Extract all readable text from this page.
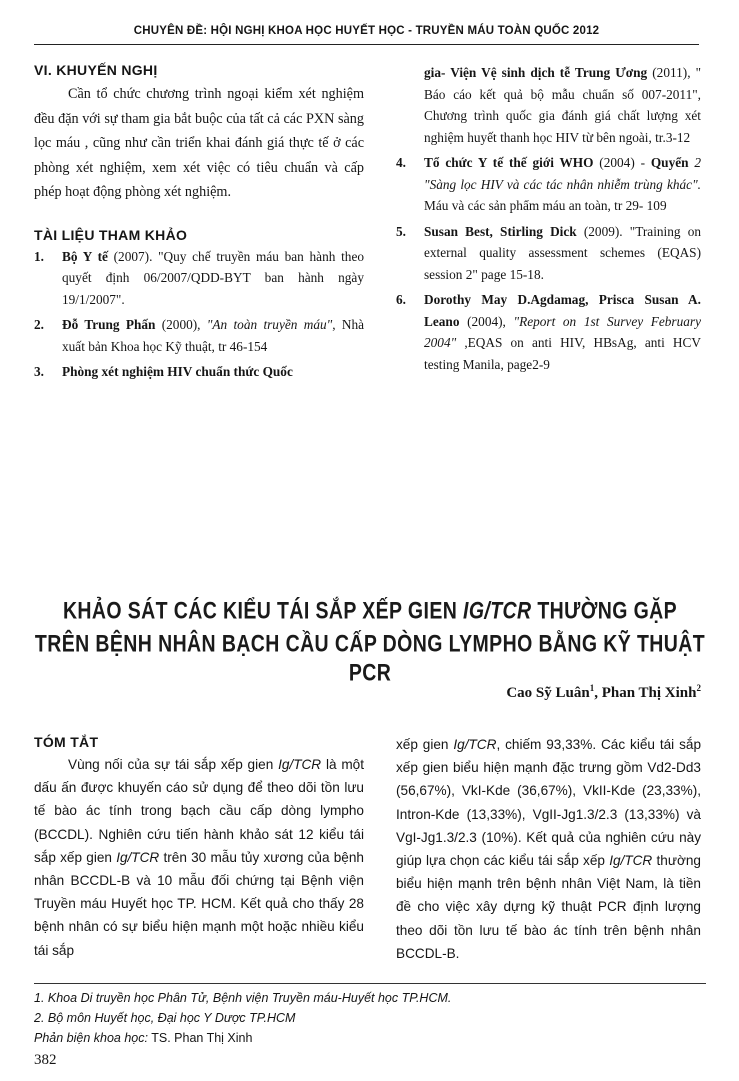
CHUYÊN ĐỀ: HỘI NGHỊ KHOA HỌC HUYẾT HỌC - TRUYỀN MÁU TOÀN QUỐC 2012
VI. KHUYẾN NGHỊ

Cần tổ chức chương trình ngoại kiểm xét nghiệm đều đặn với sự tham gia bắt buộc của tất cả các PXN sàng lọc máu , cũng như cần triển khai đánh giá thực tế ở các phòng xét nghiệm, xem xét việc có tiêu chuẩn và cấp phép hoạt động phòng xét nghiệm.

TÀI LIỆU THAM KHẢO
1. Bộ Y tế (2007). "Quy chế truyền máu ban hành theo quyết định 06/2007/QDD-BYT ban hành ngày 19/1/2007".
2. Đỗ Trung Phấn (2000), "An toàn truyền máu", Nhà xuất bản Khoa học Kỹ thuật, tr 46-154
3. Phòng xét nghiệm HIV chuẩn thức Quốc
gia- Viện Vệ sinh dịch tễ Trung Ương (2011), " Báo cáo kết quả bộ mẫu chuẩn số 007-2011", Chương trình quốc gia đánh giá chất lượng xét nghiệm huyết thanh học HIV từ bên ngoài, tr.3-12
4. Tổ chức Y tế thế giới WHO (2004) - Quyển 2 "Sàng lọc HIV và các tác nhân nhiễm trùng khác". Máu và các sản phẩm máu an toàn, tr 29- 109
5. Susan Best, Stirling Dick (2009). "Training on external quality assessment schemes (EQAS) session 2" page 15-18.
6. Dorothy May D.Agdamag, Prisca Susan A. Leano (2004), "Report on 1st Survey February 2004" ,EQAS on anti HIV, HBsAg, anti HCV testing Manila, page2-9
KHẢO SÁT CÁC KIỂU TÁI SẮP XẾP GIEN IG/TCR THƯỜNG GẶP
TRÊN BỆNH NHÂN BẠCH CẦU CẤP DÒNG LYMPHO BẰNG KỸ THUẬT PCR
Cao Sỹ Luân$^1$, Phan Thị Xinh$^2$
TÓM TẮT

Vùng nối của sự tái sắp xếp gien Ig/TCR là một dấu ấn được khuyến cáo sử dụng để theo dõi tồn lưu tế bào ác tính trong bạch cầu cấp dòng lympho (BCCDL). Nghiên cứu tiến hành khảo sát 12 kiểu tái sắp xếp gien Ig/TCR trên 30 mẫu tủy xương của bệnh nhân BCCDL-B và 10 mẫu đối chứng tại Bệnh viện Truyền máu Huyết học TP. HCM. Kết quả cho thấy 28 bệnh nhân có sự biểu hiện mạnh một hoặc nhiều kiểu tái sắp

xếp gien Ig/TCR, chiếm 93,33%. Các kiểu tái sắp xếp gien biểu hiện mạnh đặc trưng gồm Vd2-Dd3 (56,67%), VkI-Kde (36,67%), VkII-Kde (23,33%), Intron-Kde (13,33%), VgII-Jg1.3/2.3 (13,33%) và VgI-Jg1.3/2.3 (10%). Kết quả của nghiên cứu này giúp lựa chọn các kiểu tái sắp xếp Ig/TCR thường biểu hiện mạnh trên bệnh nhân Việt Nam, là tiền đề cho việc xây dựng kỹ thuật PCR định lượng theo dõi tồn lưu tế bào ác tính trên bệnh nhân BCCDL-B.

1. Khoa Di truyền học Phân Tử, Bệnh viện Truyền máu-Huyết học TP.HCM.
2. Bộ môn Huyết học, Đại học Y Dược TP.HCM
Phản biện khoa học: TS. Phan Thị Xinh
382
